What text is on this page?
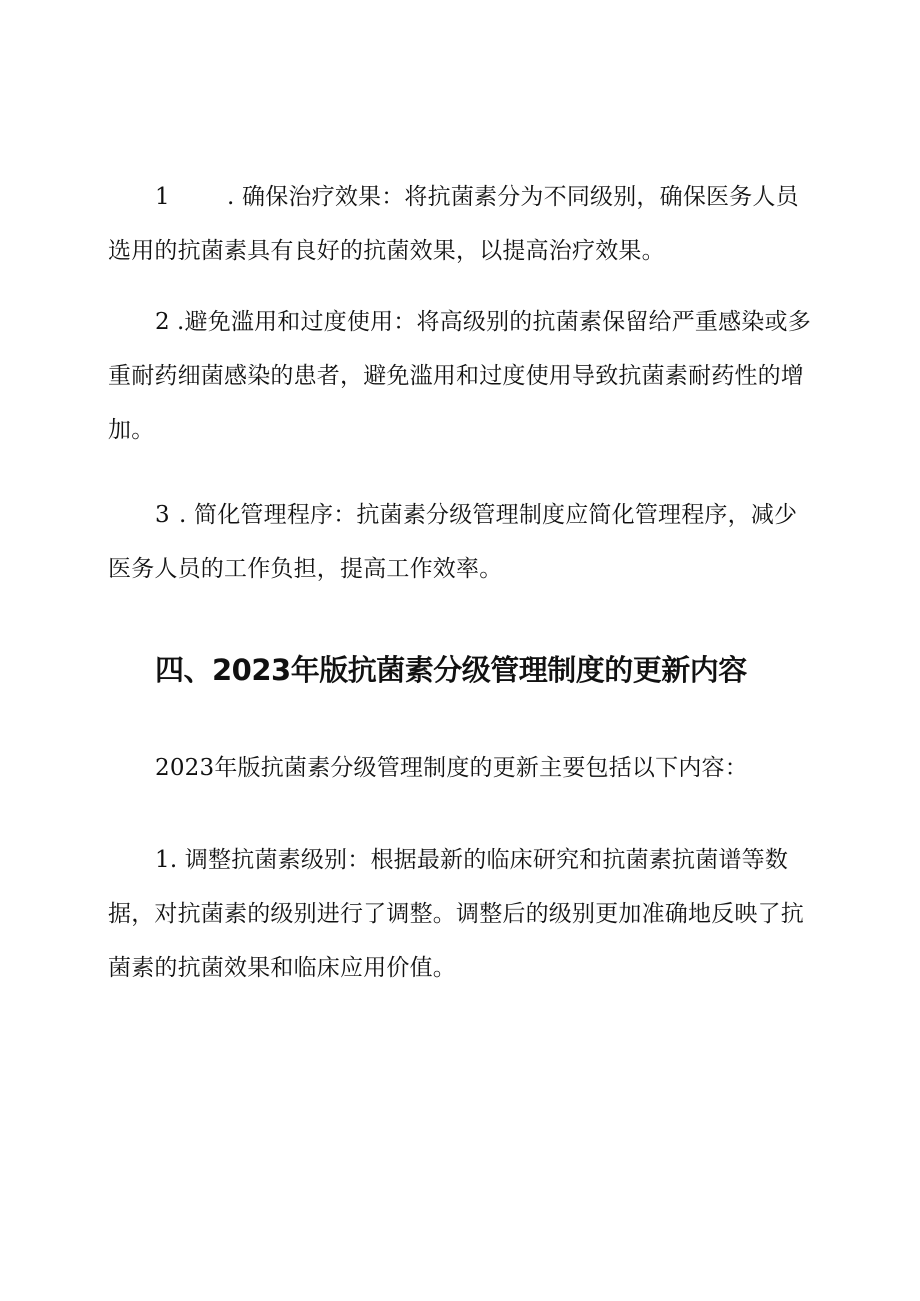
1 . 确保治疗效果：将抗菌素分为不同级别，确保医务人员选用的抗菌素具有良好的抗菌效果，以提高治疗效果。

2 .避免滥用和过度使用：将高级别的抗菌素保留给严重感染或多重耐药细菌感染的患者，避免滥用和过度使用导致抗菌素耐药性的增加。

3 . 简化管理程序：抗菌素分级管理制度应简化管理程序，减少医务人员的工作负担，提高工作效率。

四、2023年版抗菌素分级管理制度的更新内容

2023年版抗菌素分级管理制度的更新主要包括以下内容：

1. 调整抗菌素级别：根据最新的临床研究和抗菌素抗菌谱等数据，对抗菌素的级别进行了调整。调整后的级别更加准确地反映了抗菌素的抗菌效果和临床应用价值。
